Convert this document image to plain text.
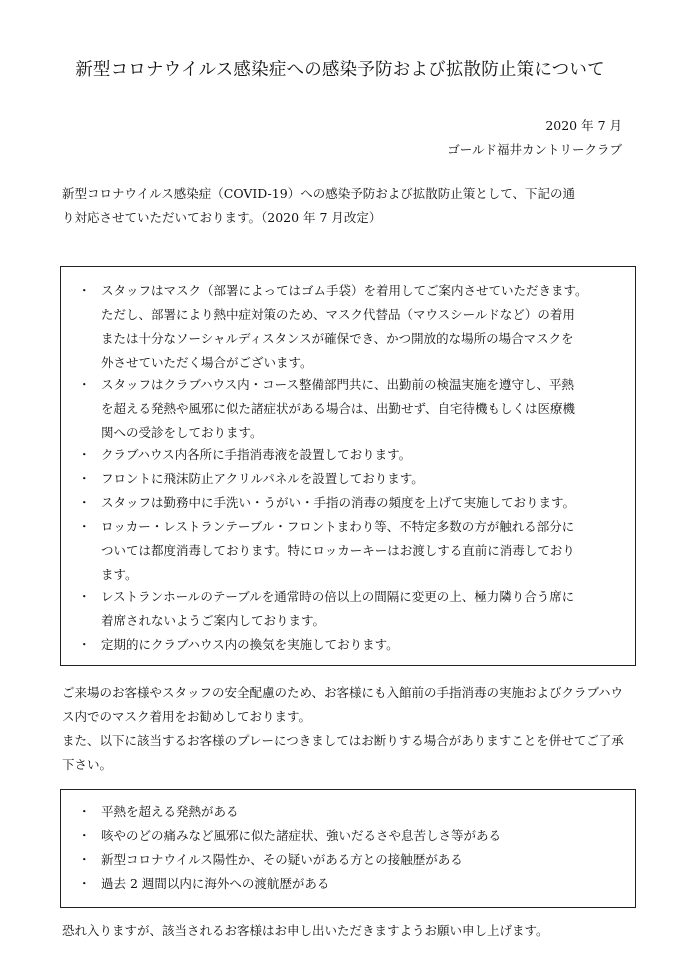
新型コロナウイルス感染症への感染予防および拡散防止策について
2020 年 7 月
ゴールド福井カントリークラブ
新型コロナウイルス感染症（COVID-19）への感染予防および拡散防止策として、下記の通
り対応させていただいております。（2020 年 7 月改定）
・ スタッフはマスク（部署によってはゴム手袋）を着用してご案内させていただきます。
ただし、部署により熱中症対策のため、マスク代替品（マウスシールドなど）の着用
または十分なソーシャルディスタンスが確保でき、かつ開放的な場所の場合マスクを
外させていただく場合がございます。
・ スタッフはクラブハウス内・コース整備部門共に、出勤前の検温実施を遵守し、平熱
を超える発熱や風邪に似た諸症状がある場合は、出勤せず、自宅待機もしくは医療機
関への受診をしております。
・ クラブハウス内各所に手指消毒液を設置しております。
・ フロントに飛沫防止アクリルパネルを設置しております。
・ スタッフは勤務中に手洗い・うがい・手指の消毒の頻度を上げて実施しております。
・ ロッカー・レストランテーブル・フロントまわり等、不特定多数の方が触れる部分に
ついては都度消毒しております。特にロッカーキーはお渡しする直前に消毒しており
ます。
・ レストランホールのテーブルを通常時の倍以上の間隔に変更の上、極力隣り合う席に
着席されないようご案内しております。
・ 定期的にクラブハウス内の換気を実施しております。
ご来場のお客様やスタッフの安全配慮のため、お客様にも入館前の手指消毒の実施およびクラブハウス内でのマスク着用をお勧めしております。
また、以下に該当するお客様のプレーにつきましてはお断りする場合がありますことを併せてご了承下さい。
・ 平熱を超える発熱がある
・ 咳やのどの痛みなど風邪に似た諸症状、強いだるさや息苦しさ等がある
・ 新型コロナウイルス陽性か、その疑いがある方との接触歴がある
・ 過去 2 週間以内に海外への渡航歴がある
恐れ入りますが、該当されるお客様はお申し出いただきますようお願い申し上げます。
